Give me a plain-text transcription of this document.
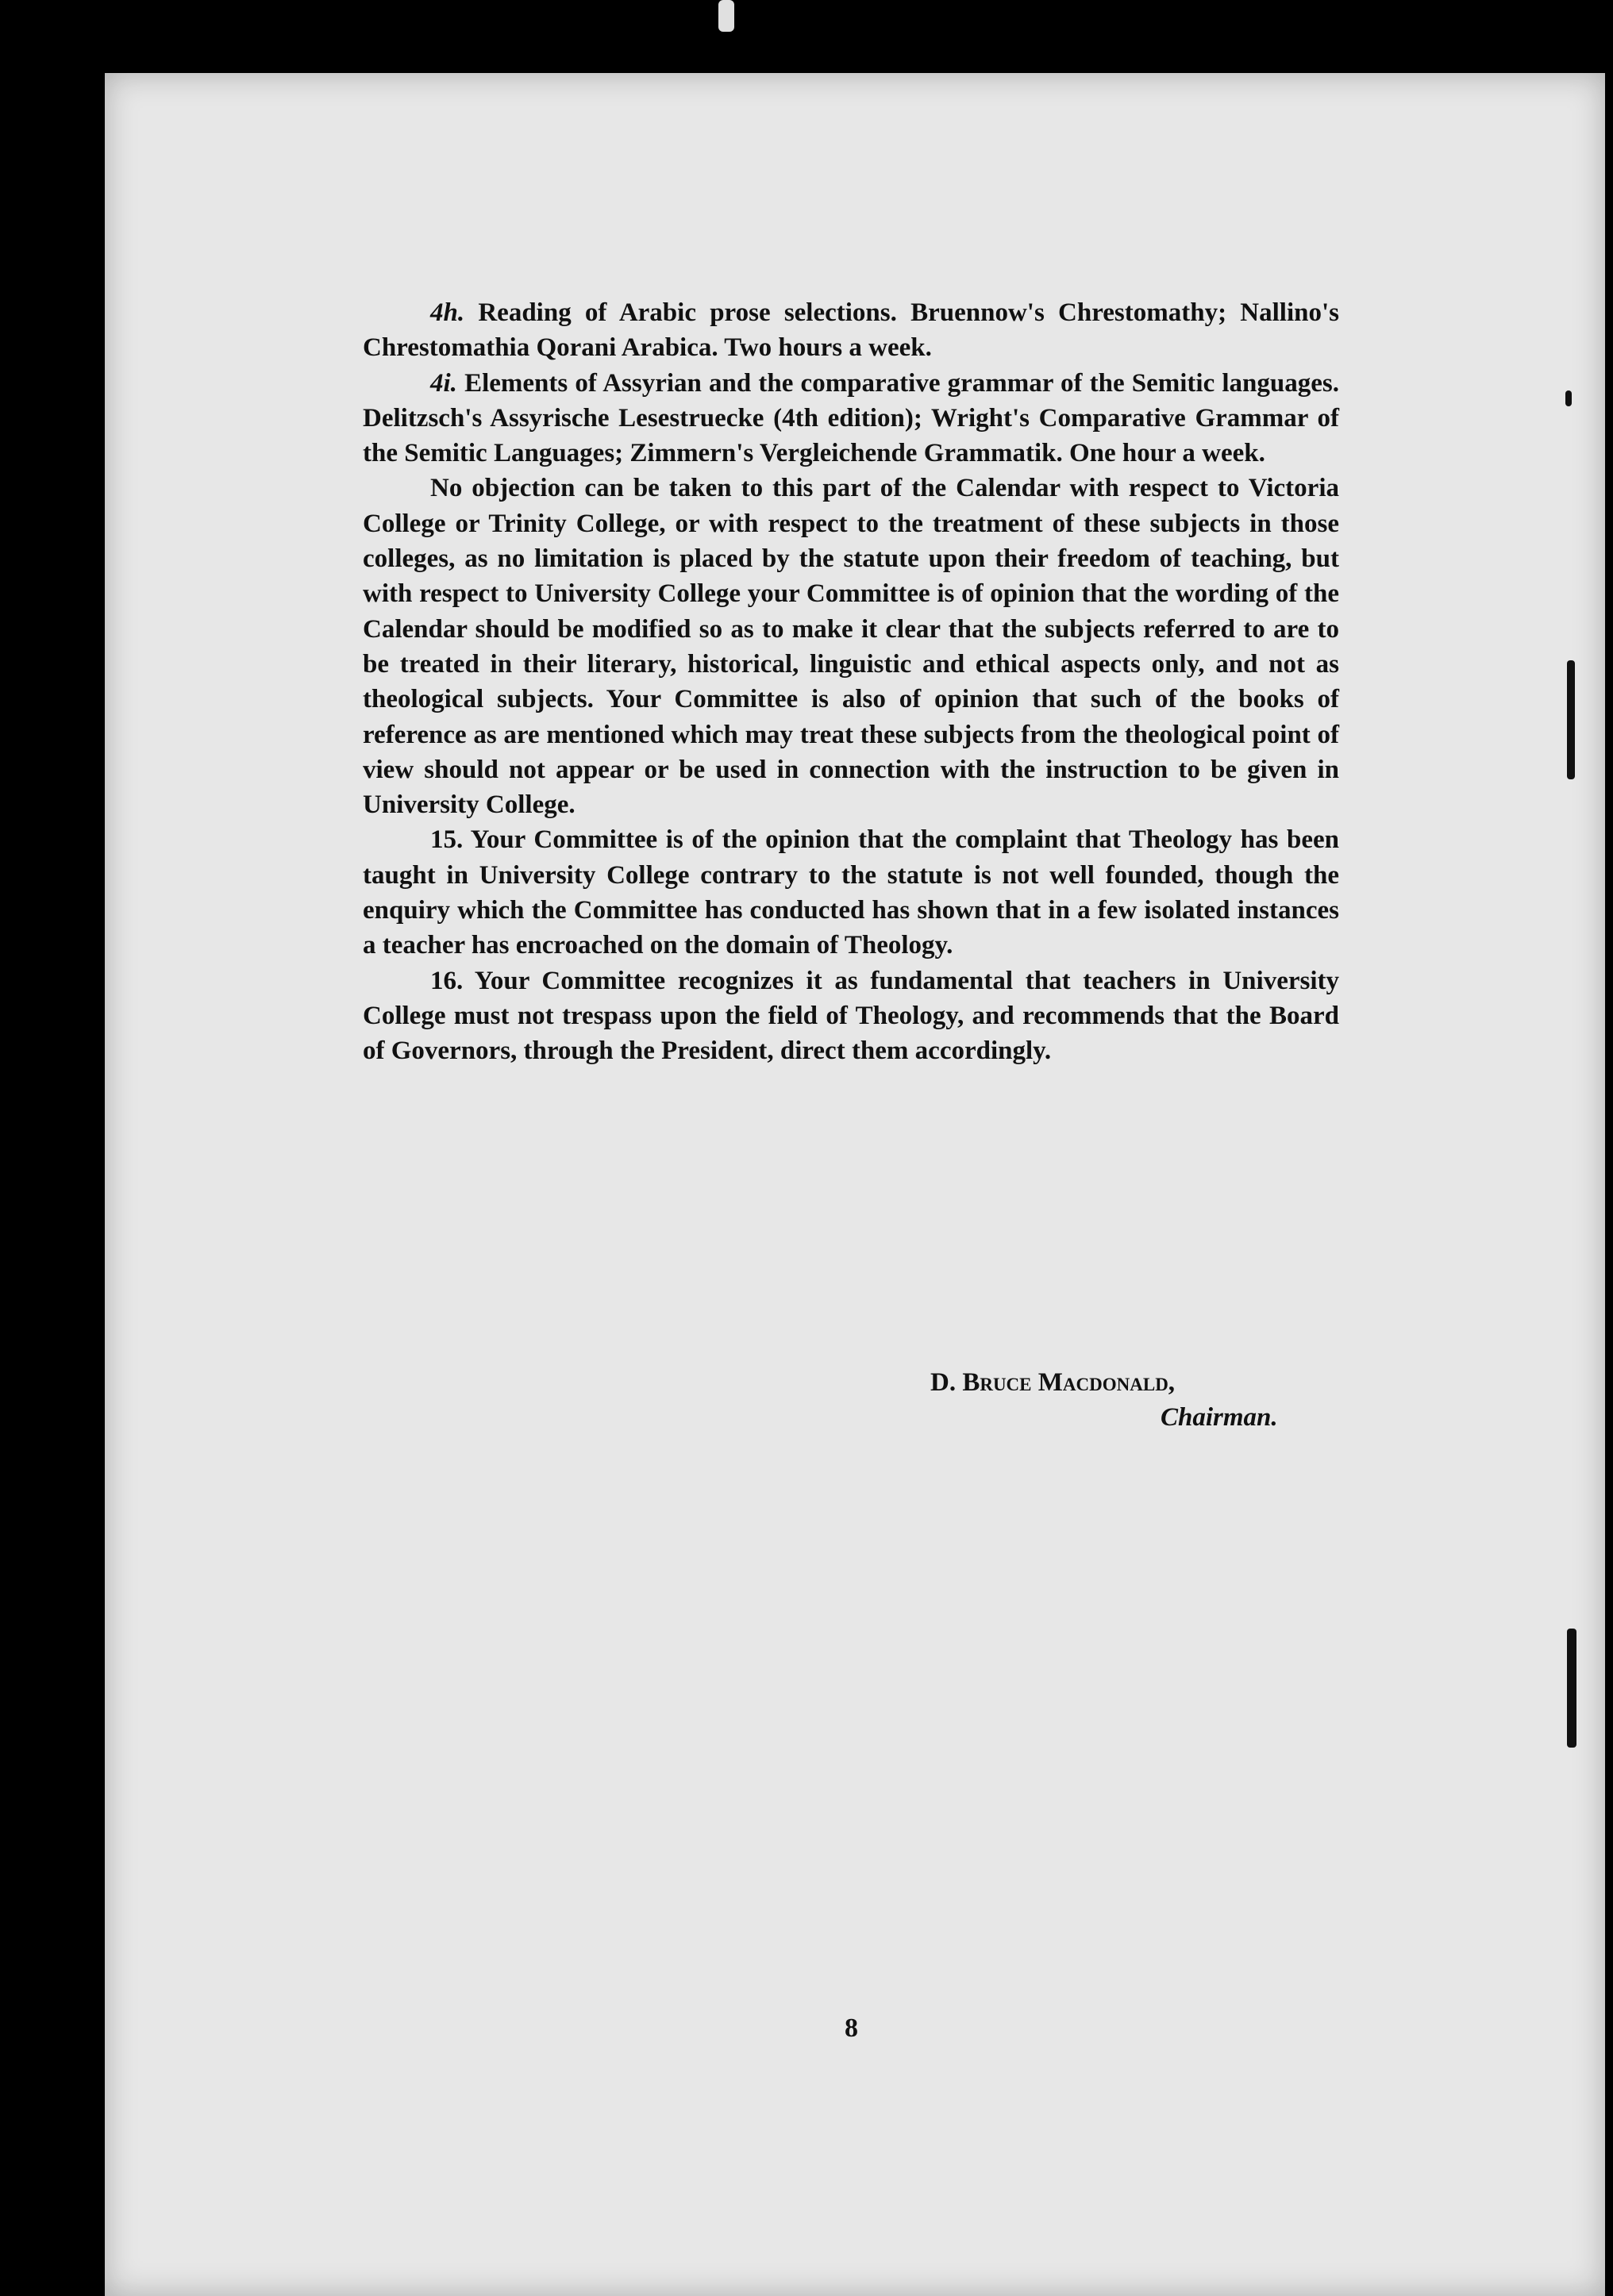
4h. Reading of Arabic prose selections. Bruennow's Chrestomathy; Nallino's Chrestomathia Qorani Arabica. Two hours a week.

4i. Elements of Assyrian and the comparative grammar of the Semitic languages. Delitzsch's Assyrische Lesestruecke (4th edition); Wright's Comparative Grammar of the Semitic Languages; Zimmern's Vergleichende Grammatik. One hour a week.

No objection can be taken to this part of the Calendar with respect to Victoria College or Trinity College, or with respect to the treatment of these subjects in those colleges, as no limitation is placed by the statute upon their freedom of teaching, but with respect to University College your Committee is of opinion that the wording of the Calendar should be modified so as to make it clear that the subjects referred to are to be treated in their literary, historical, linguistic and ethical aspects only, and not as theological subjects. Your Committee is also of opinion that such of the books of reference as are mentioned which may treat these subjects from the theological point of view should not appear or be used in connection with the instruction to be given in University College.

15. Your Committee is of the opinion that the complaint that Theology has been taught in University College contrary to the statute is not well founded, though the enquiry which the Committee has conducted has shown that in a few isolated instances a teacher has encroached on the domain of Theology.

16. Your Committee recognizes it as fundamental that teachers in University College must not trespass upon the field of Theology, and recommends that the Board of Governors, through the President, direct them accordingly.

D. Bruce Macdonald,
Chairman.
8
